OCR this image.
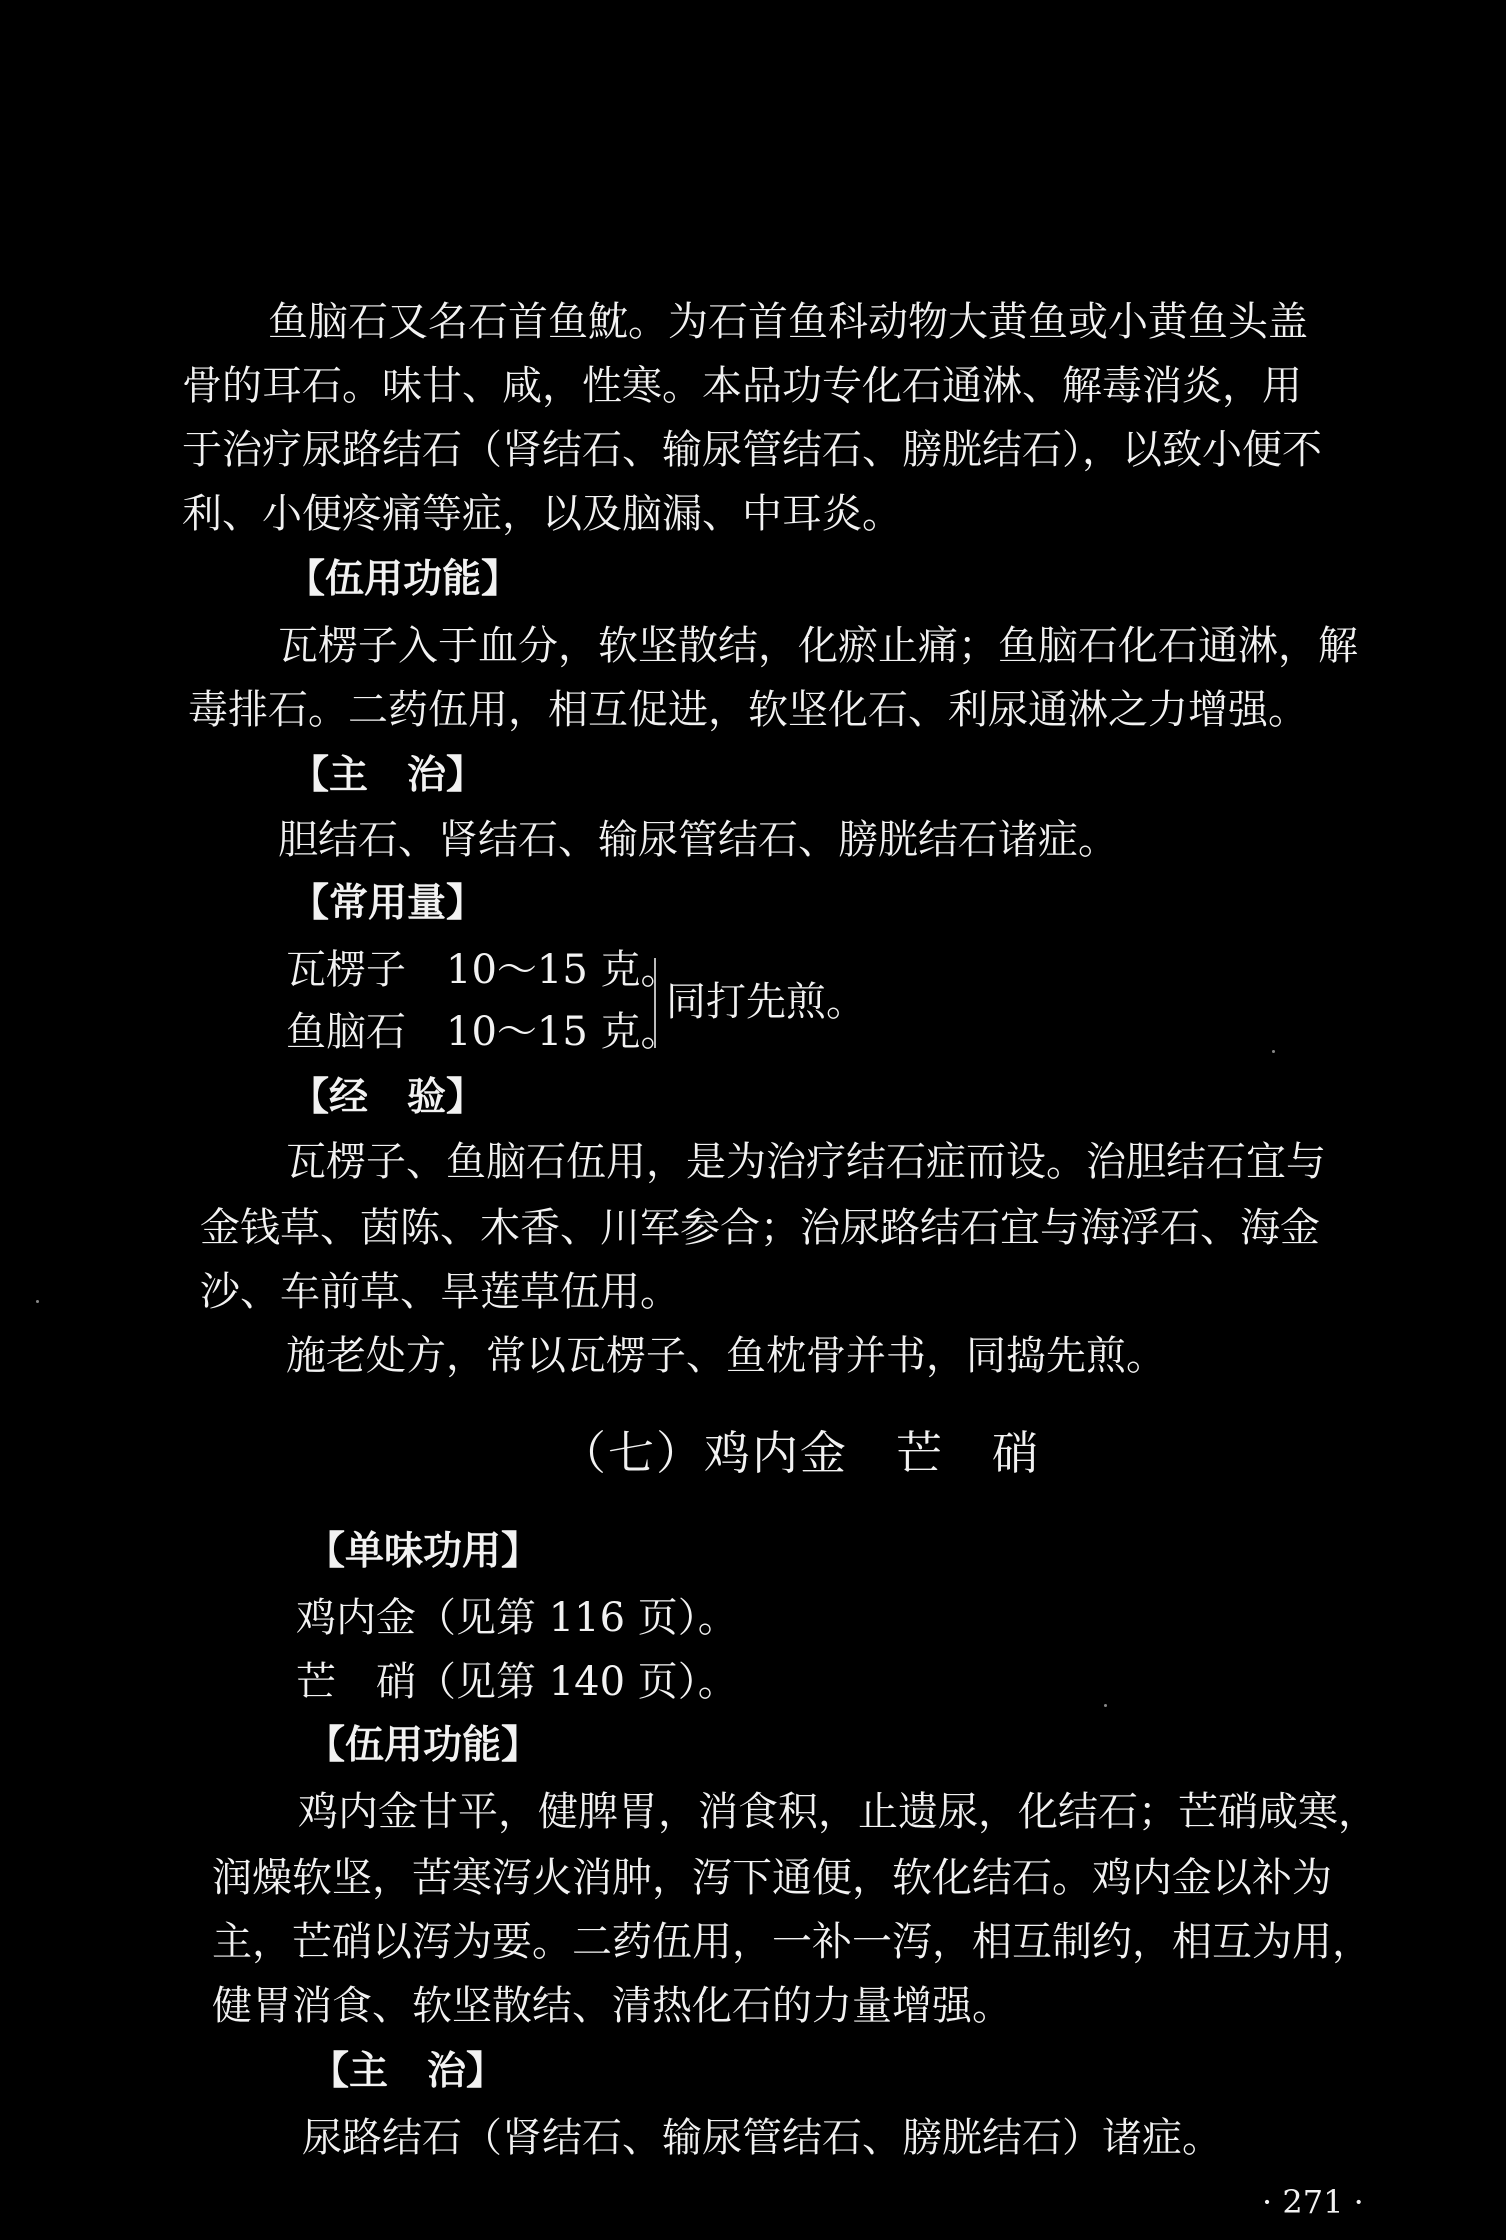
鱼脑石又名石首鱼魫。为石首鱼科动物大黄鱼或小黄鱼头盖
骨的耳石。味甘、咸，性寒。本品功专化石通淋、解毒消炎，用
于治疗尿路结石（肾结石、输尿管结石、膀胱结石），以致小便不
利、小便疼痛等症，以及脑漏、中耳炎。
【伍用功能】
瓦楞子入于血分，软坚散结，化瘀止痛；鱼脑石化石通淋，解
毒排石。二药伍用，相互促进，软坚化石、利尿通淋之力增强。
【主　治】
胆结石、肾结石、输尿管结石、膀胱结石诸症。
【常用量】
瓦楞子　10～15 克。
鱼脑石　10～15 克。
同打先煎。
【经　验】
瓦楞子、鱼脑石伍用，是为治疗结石症而设。治胆结石宜与
金钱草、茵陈、木香、川军参合；治尿路结石宜与海浮石、海金
沙、车前草、旱莲草伍用。
施老处方，常以瓦楞子、鱼枕骨并书，同捣先煎。
（七）鸡内金　芒　硝
【单味功用】
鸡内金（见第 116 页）。
芒　硝（见第 140 页）。
【伍用功能】
鸡内金甘平，健脾胃，消食积，止遗尿，化结石；芒硝咸寒，
润燥软坚，苦寒泻火消肿，泻下通便，软化结石。鸡内金以补为
主，芒硝以泻为要。二药伍用，一补一泻，相互制约，相互为用，
健胃消食、软坚散结、清热化石的力量增强。
【主　治】
尿路结石（肾结石、输尿管结石、膀胱结石）诸症。
· 271 ·
